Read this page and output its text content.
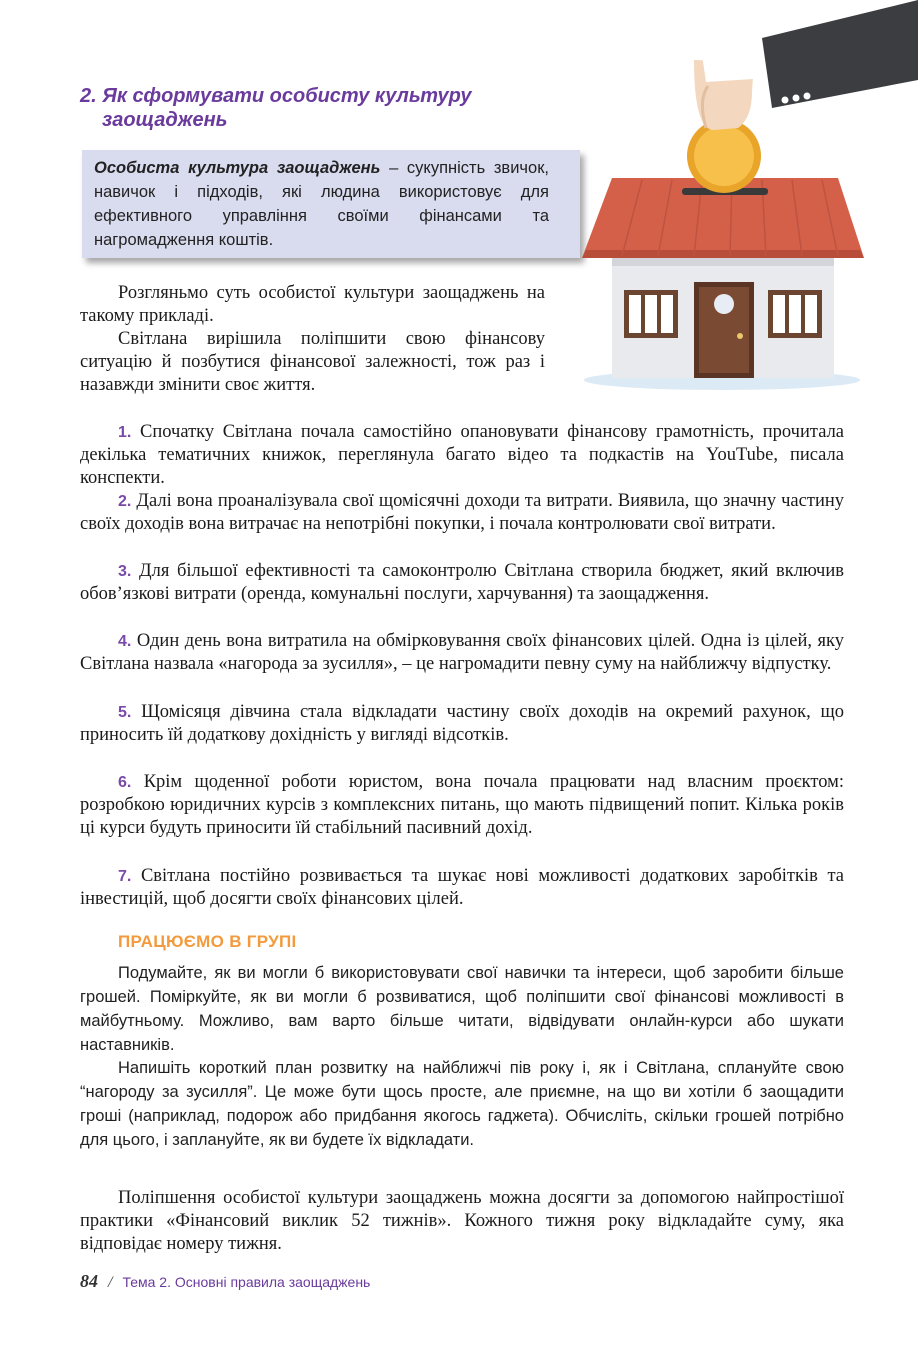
2. Як сформувати особисту культуру
заощаджень

Особиста культура заощаджень – сукупність звичок, навичок і підходів, які людина використовує для ефективного управління своїми фінансами та нагромадження коштів.

Розгляньмо суть особистої культури заощаджень на такому прикладі.

Світлана вирішила поліпшити свою фінансову ситуацію й позбутися фінансової залежності, тож раз і назавжди змінити своє життя.

1. Спочатку Світлана почала самостійно опановувати фінансову грамотність, прочитала декілька тематичних книжок, переглянула багато відео та подкастів на YouTube, писала конспекти.

2. Далі вона проаналізувала свої щомісячні доходи та витрати. Виявила, що значну частину своїх доходів вона витрачає на непотрібні покупки, і почала контролювати свої витрати.

3. Для більшої ефективності та самоконтролю Світлана створила бюджет, який включив обов’язкові витрати (оренда, комунальні послуги, харчування) та заощадження.

4. Один день вона витратила на обмірковування своїх фінансових цілей. Одна із цілей, яку Світлана назвала «нагорода за зусилля», – це нагромадити певну суму на найближчу відпустку.

5. Щомісяця дівчина стала відкладати частину своїх доходів на окремий рахунок, що приносить їй додаткову дохідність у вигляді відсотків.

6. Крім щоденної роботи юристом, вона почала працювати над власним проєктом: розробкою юридичних курсів з комплексних питань, що мають підвищений попит. Кілька років ці курси будуть приносити їй стабільний пасивний дохід.

7. Світлана постійно розвивається та шукає нові можливості додаткових заробітків та інвестицій, щоб досягти своїх фінансових цілей.

ПРАЦЮЄМО В ГРУПІ

Подумайте, як ви могли б використовувати свої навички та інтереси, щоб заробити більше грошей. Поміркуйте, як ви могли б розвиватися, щоб поліпшити свої фінансові можливості в майбутньому. Можливо, вам варто більше читати, відвідувати онлайн-курси або шукати наставників.

Напишіть короткий план розвитку на найближчі пів року і, як і Світлана, сплануйте свою “нагороду за зусилля”. Це може бути щось просте, але приємне, на що ви хотіли б заощадити гроші (наприклад, подорож або придбання якогось гаджета). Обчисліть, скільки грошей потрібно для цього, і заплануйте, як ви будете їх відкладати.

Поліпшення особистої культури заощаджень можна досягти за допомогою найпростішої практики «Фінансовий виклик 52 тижнів». Кожного тижня року відкладайте суму, яка відповідає номеру тижня.

84 / Тема 2. Основні правила заощаджень
